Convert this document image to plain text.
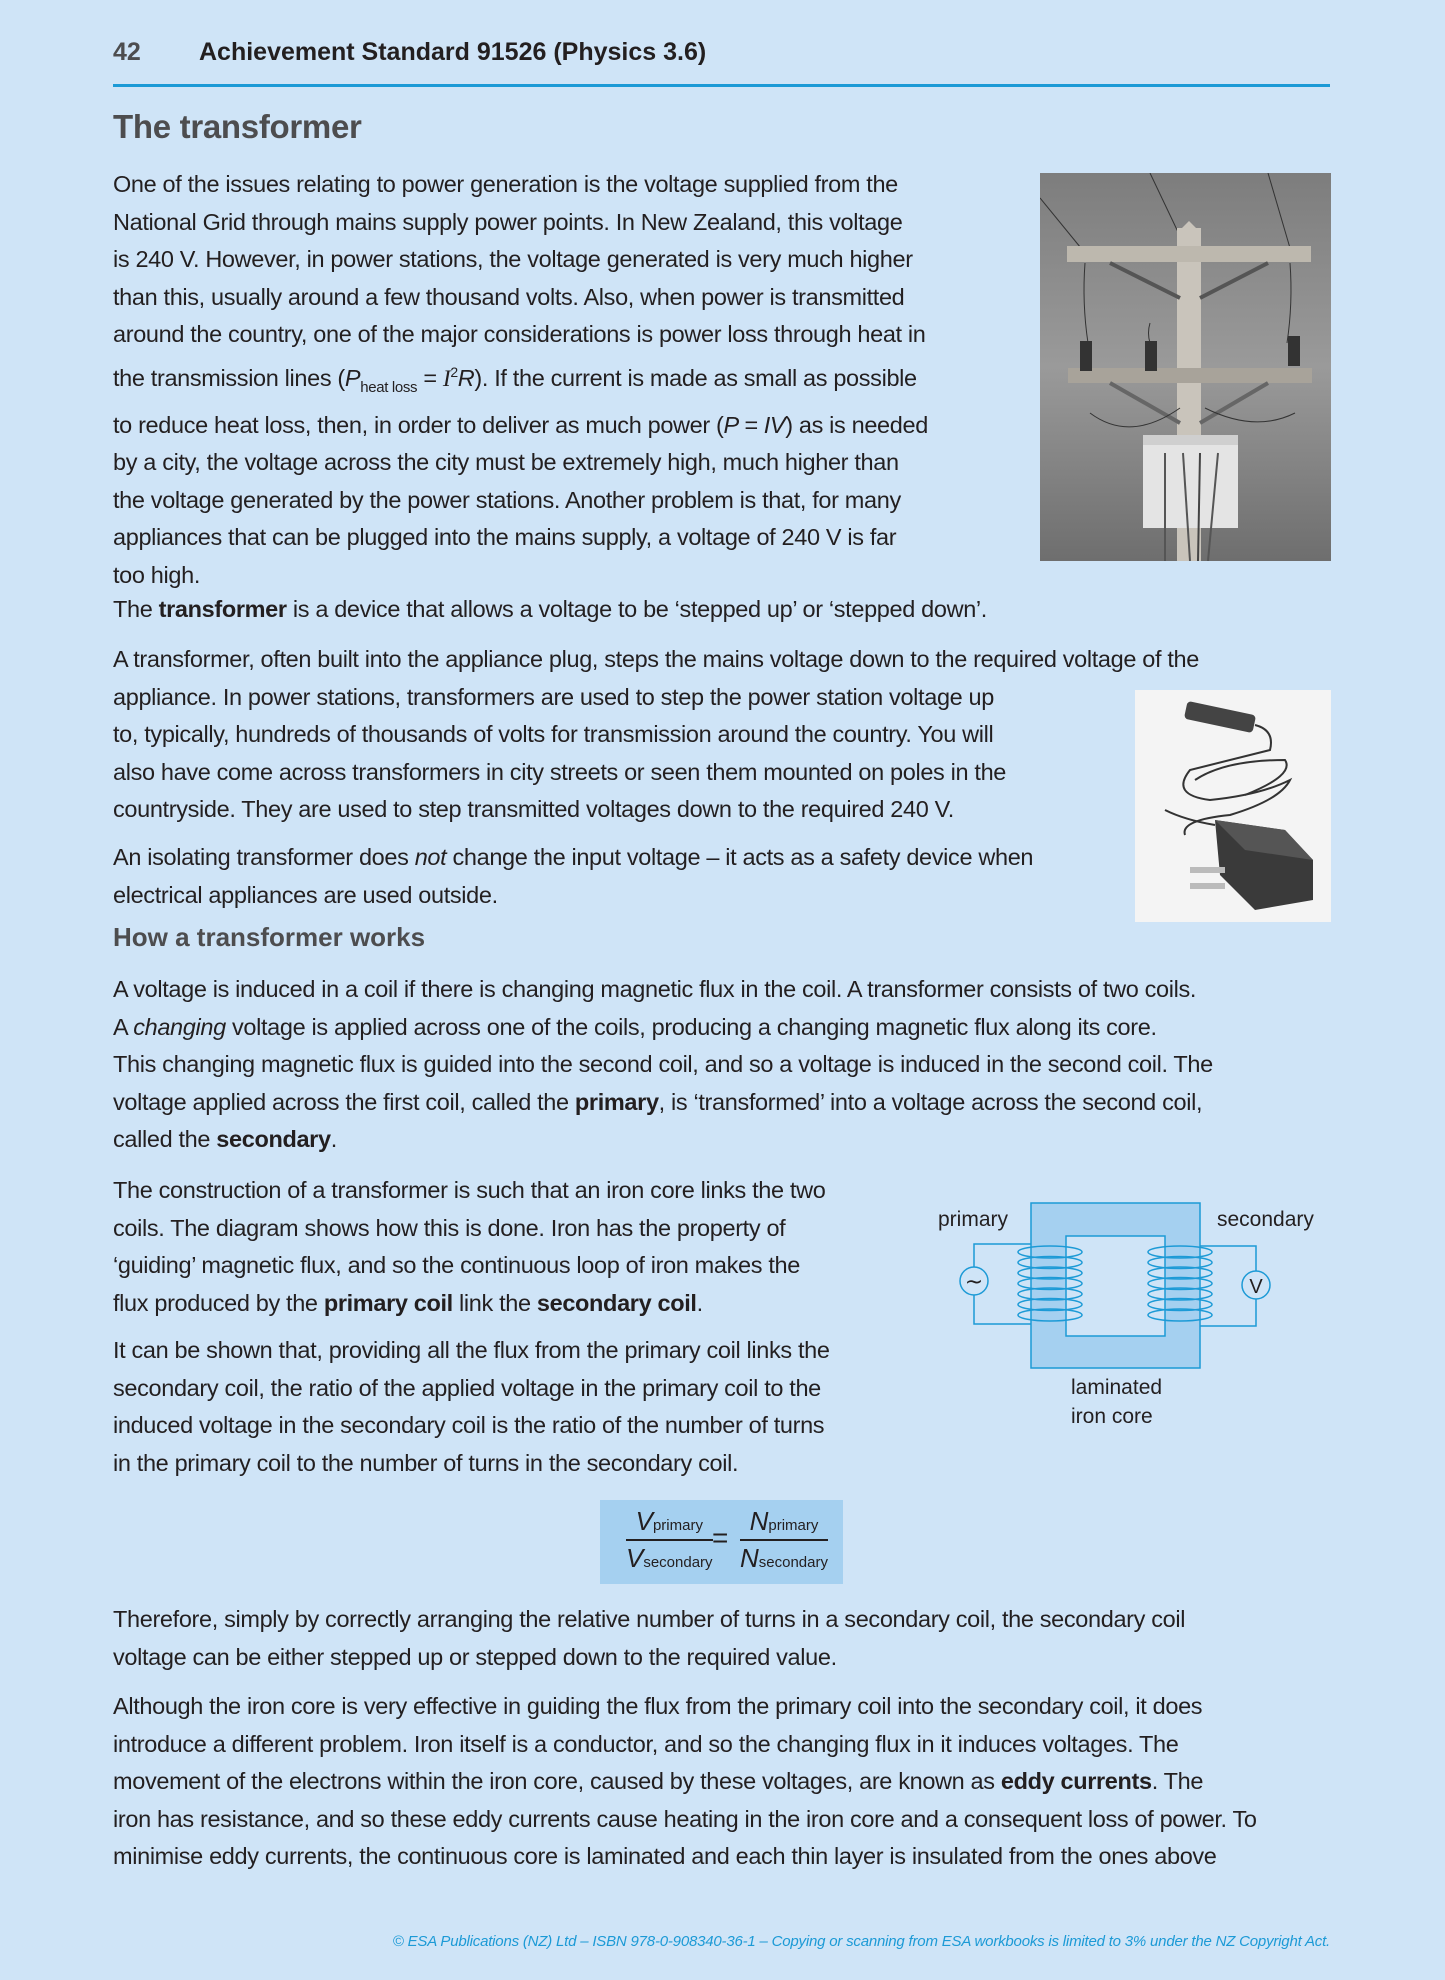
42 Achievement Standard 91526 (Physics 3.6)
The transformer
One of the issues relating to power generation is the voltage supplied from the
National Grid through mains supply power points. In New Zealand, this voltage
is 240 V. However, in power stations, the voltage generated is very much higher
than this, usually around a few thousand volts. Also, when power is transmitted
around the country, one of the major considerations is power loss through heat in
the transmission lines $(P_{heat loss} = I^2R)$. If the current is made as small as possible
to reduce heat loss, then, in order to deliver as much power (P = IV) as is needed
by a city, the voltage across the city must be extremely high, much higher than
the voltage generated by the power stations. Another problem is that, for many
appliances that can be plugged into the mains supply, a voltage of 240 V is far
too high.
The transformer is a device that allows a voltage to be ‘stepped up’ or ‘stepped down’.
A transformer, often built into the appliance plug, steps the mains voltage down to the required voltage of the
appliance. In power stations, transformers are used to step the power station voltage up
to, typically, hundreds of thousands of volts for transmission around the country. You will
also have come across transformers in city streets or seen them mounted on poles in the
countryside. They are used to step transmitted voltages down to the required 240 V.
An isolating transformer does not change the input voltage – it acts as a safety device when
electrical appliances are used outside.
How a transformer works
A voltage is induced in a coil if there is changing magnetic flux in the coil. A transformer consists of two coils.
A changing voltage is applied across one of the coils, producing a changing magnetic flux along its core.
This changing magnetic flux is guided into the second coil, and so a voltage is induced in the second coil. The
voltage applied across the first coil, called the primary, is ‘transformed’ into a voltage across the second coil,
called the secondary.
The construction of a transformer is such that an iron core links the two
coils. The diagram shows how this is done. Iron has the property of
‘guiding’ magnetic flux, and so the continuous loop of iron makes the
flux produced by the primary coil link the secondary coil.
It can be shown that, providing all the flux from the primary coil links the
secondary coil, the ratio of the applied voltage in the primary coil to the
induced voltage in the secondary coil is the ratio of the number of turns
in the primary coil to the number of turns in the secondary coil.
primary	secondary
laminated
iron core
~	V
Vprimary
Vsecondary
=
Nprimary
Nsecondary
Therefore, simply by correctly arranging the relative number of turns in a secondary coil, the secondary coil
voltage can be either stepped up or stepped down to the required value.
Although the iron core is very effective in guiding the flux from the primary coil into the secondary coil, it does
introduce a different problem. Iron itself is a conductor, and so the changing flux in it induces voltages. The
movement of the electrons within the iron core, caused by these voltages, are known as eddy currents. The
iron has resistance, and so these eddy currents cause heating in the iron core and a consequent loss of power. To
minimise eddy currents, the continuous core is laminated and each thin layer is insulated from the ones above
© ESA Publications (NZ) Ltd – ISBN 978-0-908340-36-1 – Copying or scanning from ESA workbooks is limited to 3% under the NZ Copyright Act.
